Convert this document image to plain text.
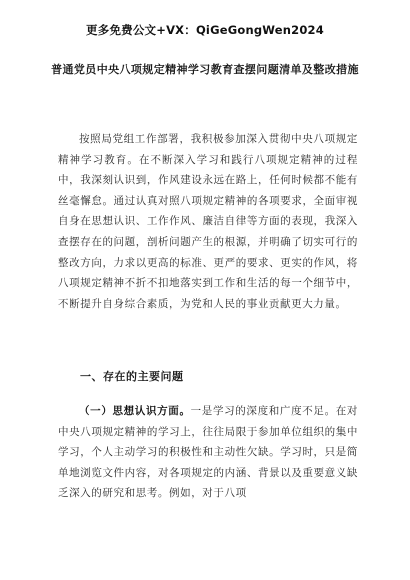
更多免费公文+VX：QiGeGongWen2024
普通党员中央八项规定精神学习教育查摆问题清单及整改措施

按照局党组工作部署，我积极参加深入贯彻中央八项规定精神学习教育。在不断深入学习和践行八项规定精神的过程中，我深刻认识到，作风建设永远在路上，任何时候都不能有丝毫懈怠。通过认真对照八项规定精神的各项要求，全面审视自身在思想认识、工作作风、廉洁自律等方面的表现，我深入查摆存在的问题，剖析问题产生的根源，并明确了切实可行的整改方向，力求以更高的标准、更严的要求、更实的作风，将八项规定精神不折不扣地落实到工作和生活的每一个细节中，不断提升自身综合素质，为党和人民的事业贡献更大力量。

一、存在的主要问题

（一）思想认识方面。一是学习的深度和广度不足。在对中央八项规定精神的学习上，往往局限于参加单位组织的集中学习，个人主动学习的积极性和主动性欠缺。学习时，只是简单地浏览文件内容，对各项规定的内涵、背景以及重要意义缺乏深入的研究和思考。例如，对于八项
